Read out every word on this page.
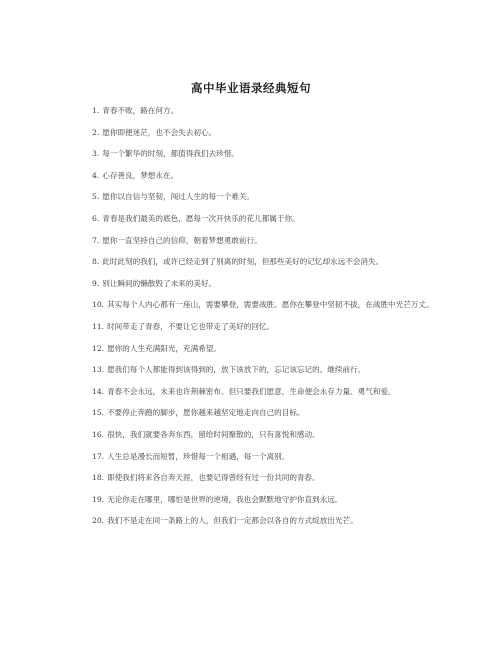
高中毕业语录经典短句
1. 青春不败，路在何方。
2. 愿你即便迷茫，也不会失去初心。
3. 每一个繁华的时刻，都值得我们去珍惜。
4. 心存善良，梦想永在。
5. 愿你以自信与坚韧，闯过人生的每一个难关。
6. 青春是我们最美的底色，愿每一次开快乐的花儿都属于你。
7. 愿你一直坚持自己的信仰，朝着梦想勇敢前行。
8. 此时此刻的我们，或许已经走到了别离的时刻，但那些美好的记忆却永远不会消失。
9. 别让瞬间的懒散毁了未来的美好。
10. 其实每个人内心都有一座山，需要攀登，需要战胜。愿你在攀登中坚韧不拔，在战胜中光芒万丈。
11. 时间带走了青春，不要让它也带走了美好的回忆。
12. 愿你的人生充满阳光，充满希望。
13. 愿我们每个人都能得到该得到的，放下该放下的，忘记该忘记的。继续前行。
14. 青春不会永远，未来也许荆棘密布。但只要我们愿意，生命便会永存力量、勇气和爱。
15. 不要停止奔跑的脚步，愿你越来越坚定地走向自己的目标。
16. 很快，我们就要各奔东西，留给时间聚散的，只有喜悦和感动。
17. 人生总是漫长而短暂，珍惜每一个相遇，每一个离别。
18. 即使我们将来各自奔天涯，也要记得曾经有过一份共同的青春。
19. 无论你走在哪里，哪怕是世界的逆境，我也会默默地守护你直到永远。
20. 我们不是走在同一条路上的人，但我们一定都会以各自的方式绽放出光芒。
